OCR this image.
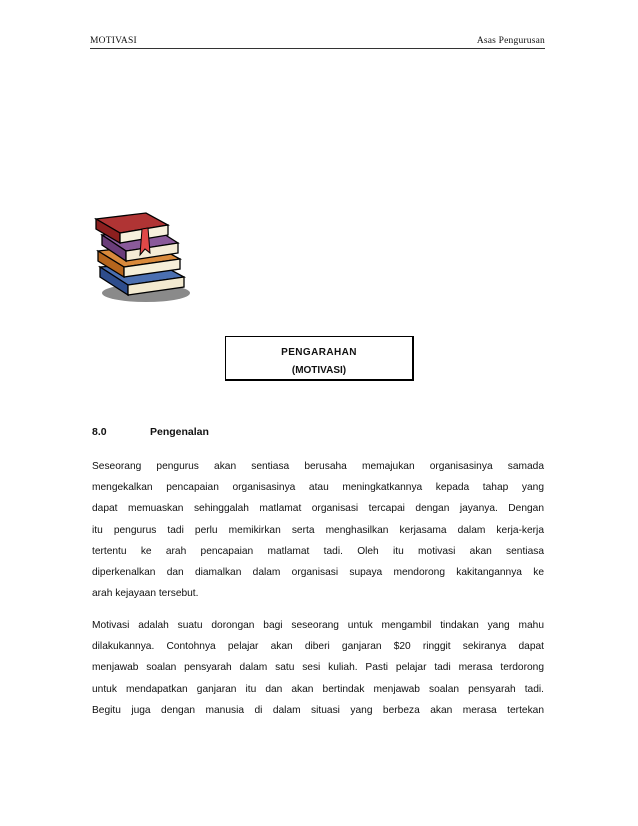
MOTIVASI	Asas Pengurusan
PENGARAHAN
(MOTIVASI)
8.0	Pengenalan
Seseorang pengurus akan sentiasa berusaha memajukan organisasinya samada
mengekalkan pencapaian organisasinya atau meningkatkannya kepada tahap yang
dapat memuaskan sehinggalah matlamat organisasi tercapai dengan jayanya. Dengan
itu pengurus tadi perlu memikirkan serta menghasilkan kerjasama dalam kerja-kerja
tertentu ke arah pencapaian matlamat tadi. Oleh itu motivasi akan sentiasa
diperkenalkan dan diamalkan dalam organisasi supaya mendorong kakitangannya ke
arah kejayaan tersebut.
Motivasi adalah suatu dorongan bagi seseorang untuk mengambil tindakan yang mahu
dilakukannya. Contohnya pelajar akan diberi ganjaran $20 ringgit sekiranya dapat
menjawab soalan pensyarah dalam satu sesi kuliah. Pasti pelajar tadi merasa terdorong
untuk mendapatkan ganjaran itu dan akan bertindak menjawab soalan pensyarah tadi.
Begitu juga dengan manusia di dalam situasi yang berbeza akan merasa tertekan
